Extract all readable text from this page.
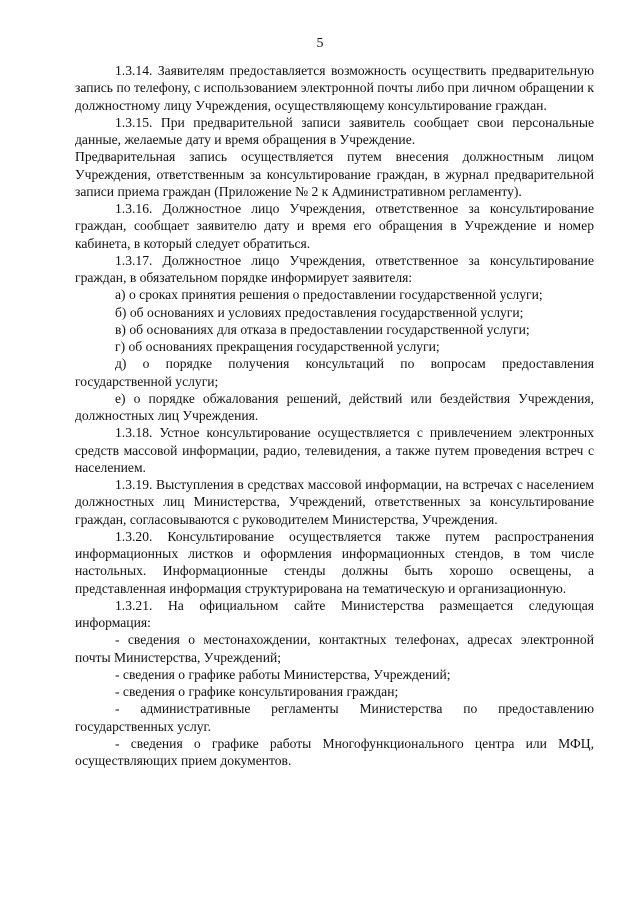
5

1.3.14. Заявителям предоставляется возможность осуществить предварительную запись по телефону, с использованием электронной почты либо при личном обращении к должностному лицу Учреждения, осуществляющему консультирование граждан.

1.3.15. При предварительной записи заявитель сообщает свои персональные данные, желаемые дату и время обращения в Учреждение.

Предварительная запись осуществляется путем внесения должностным лицом Учреждения, ответственным за консультирование граждан, в журнал предварительной записи приема граждан (Приложение № 2 к Административном регламенту).

1.3.16. Должностное лицо Учреждения, ответственное за консультирование граждан, сообщает заявителю дату и время его обращения в Учреждение и номер кабинета, в который следует обратиться.

1.3.17. Должностное лицо Учреждения, ответственное за консультирование граждан, в обязательном порядке информирует заявителя:

а) о сроках принятия решения о предоставлении государственной услуги;

б) об основаниях и условиях предоставления государственной услуги;

в) об основаниях для отказа в предоставлении государственной услуги;

г) об основаниях прекращения государственной услуги;

д) о порядке получения консультаций по вопросам предоставления государственной услуги;

е) о порядке обжалования решений, действий или бездействия Учреждения, должностных лиц Учреждения.

1.3.18. Устное консультирование осуществляется с привлечением электронных средств массовой информации, радио, телевидения, а также путем проведения встреч с населением.

1.3.19. Выступления в средствах массовой информации, на встречах с населением должностных лиц Министерства, Учреждений, ответственных за консультирование граждан, согласовываются с руководителем Министерства, Учреждения.

1.3.20. Консультирование осуществляется также путем распространения информационных листков и оформления информационных стендов, в том числе настольных. Информационные стенды должны быть хорошо освещены, а представленная информация структурирована на тематическую и организационную.

1.3.21. На официальном сайте Министерства размещается следующая информация:

- сведения о местонахождении, контактных телефонах, адресах электронной почты Министерства, Учреждений;

- сведения о графике работы Министерства, Учреждений;

- сведения о графике консультирования граждан;

- административные регламенты Министерства по предоставлению государственных услуг.

- сведения о графике работы Многофункционального центра или МФЦ, осуществляющих прием документов.
